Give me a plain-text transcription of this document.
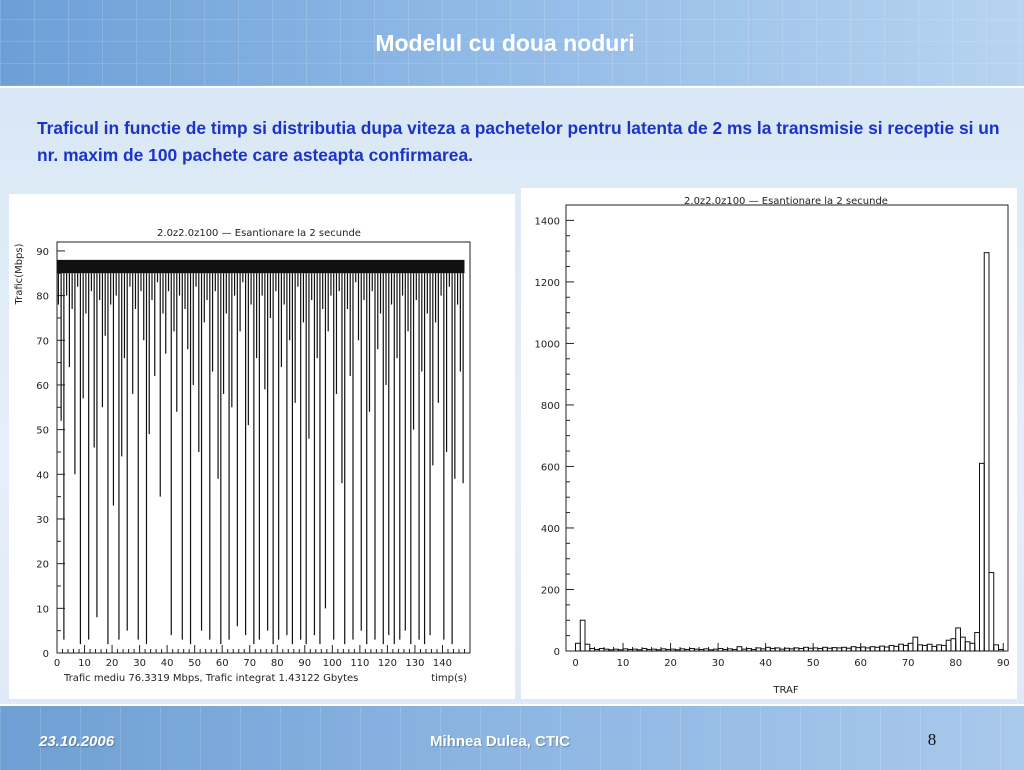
Modelul cu doua noduri
Traficul in functie de timp si distributia dupa viteza a pachetelor pentru latenta de 2 ms la transmisie si receptie si un nr. maxim de 100 pachete care asteapta confirmarea.
2.0z2.0z100 — Esantionare la 2 secunde
Trafic(Mbps)
Trafic mediu 76.3319 Mbps, Trafic integrat 1.43122 Gbytes	timp(s)
0
10
20
30
40
50
60
70
80
90
0 10 20 30 40 50 60 70 80 90 100 110 120 130 140
2.0z2.0z100 — Esantionare la 2 secunde
TRAF
0
200
400
600
800
1000
1200
1400
0	10	20	30	40	50	60	70	80	90
23.10.2006	Mihnea Dulea, CTIC	8
